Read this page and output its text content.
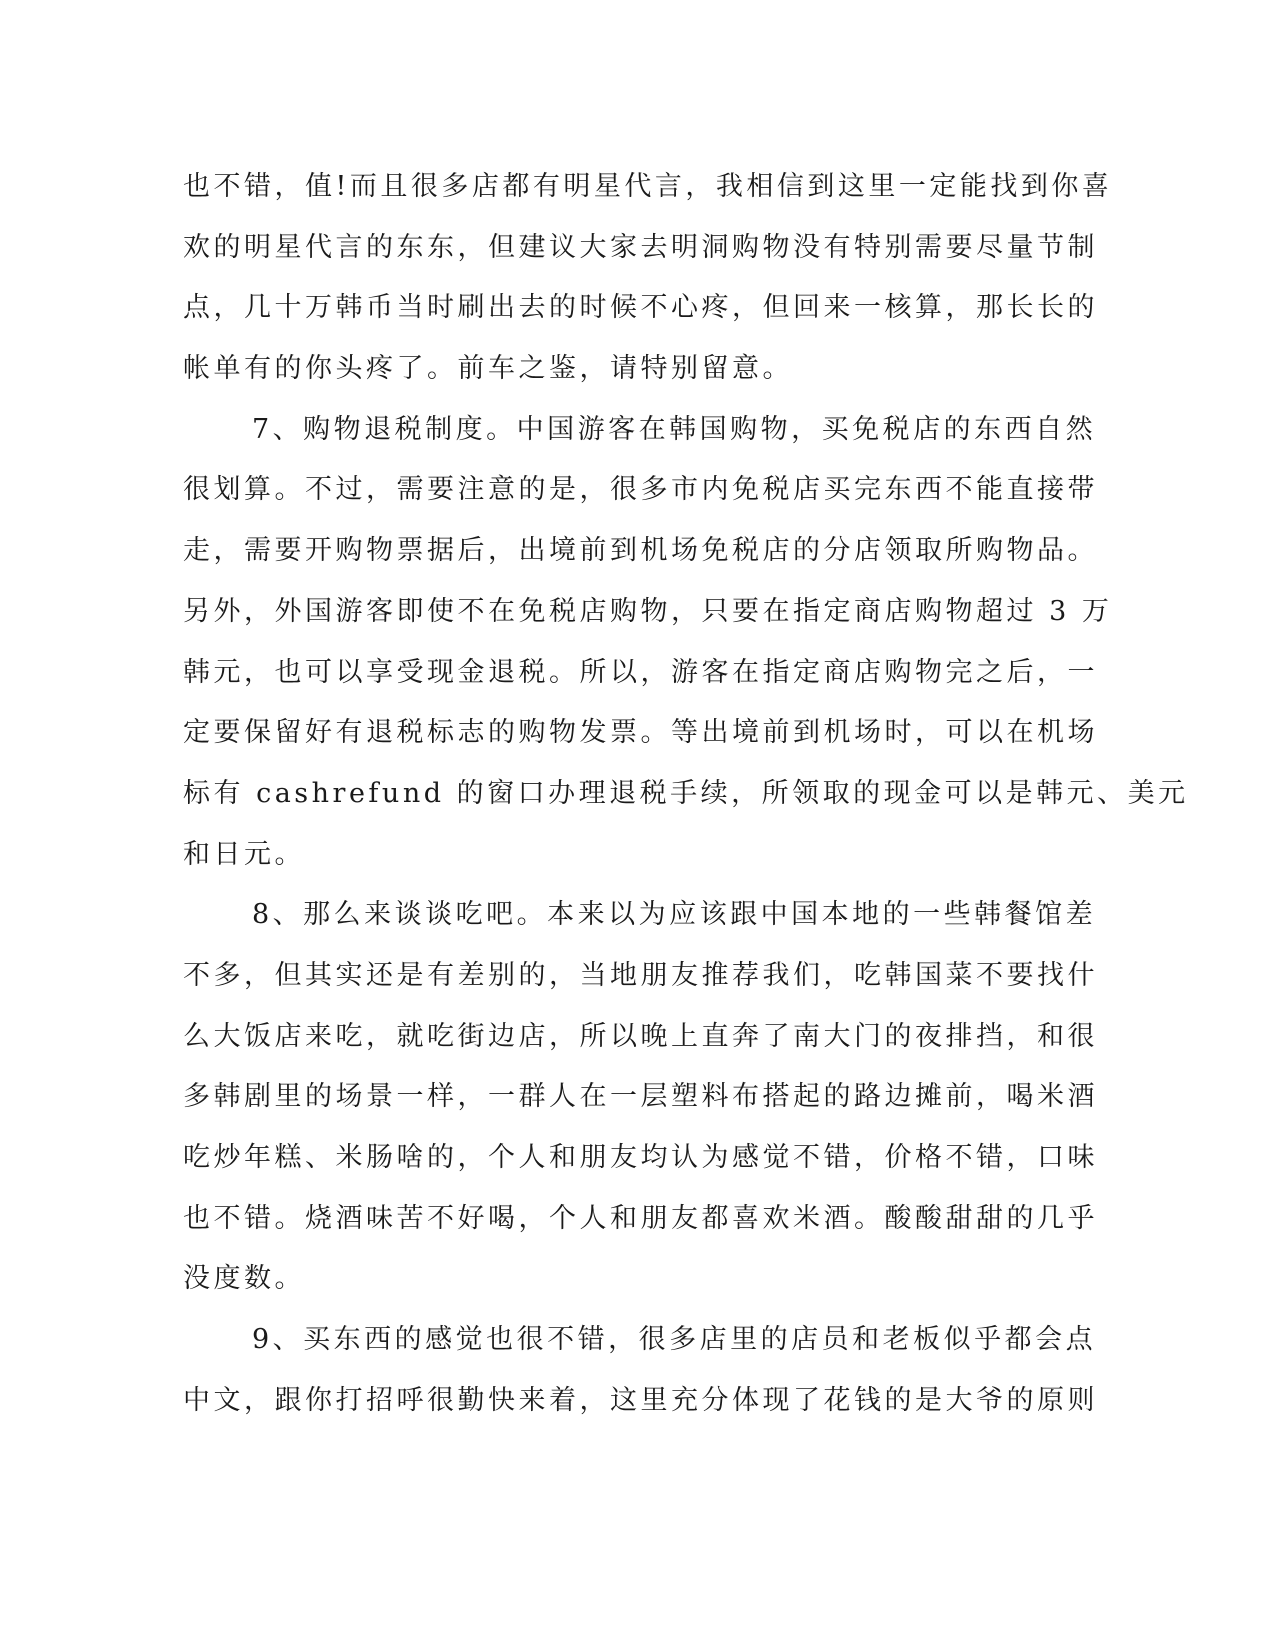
也不错，值!而且很多店都有明星代言，我相信到这里一定能找到你喜
欢的明星代言的东东，但建议大家去明洞购物没有特别需要尽量节制
点，几十万韩币当时刷出去的时候不心疼，但回来一核算，那长长的
帐单有的你头疼了。前车之鉴，请特别留意。
7、购物退税制度。中国游客在韩国购物，买免税店的东西自然
很划算。不过，需要注意的是，很多市内免税店买完东西不能直接带
走，需要开购物票据后，出境前到机场免税店的分店领取所购物品。
另外，外国游客即使不在免税店购物，只要在指定商店购物超过 3 万
韩元，也可以享受现金退税。所以，游客在指定商店购物完之后，一
定要保留好有退税标志的购物发票。等出境前到机场时，可以在机场
标有 cashrefund 的窗口办理退税手续，所领取的现金可以是韩元、美元
和日元。
8、那么来谈谈吃吧。本来以为应该跟中国本地的一些韩餐馆差
不多，但其实还是有差别的，当地朋友推荐我们，吃韩国菜不要找什
么大饭店来吃，就吃街边店，所以晚上直奔了南大门的夜排挡，和很
多韩剧里的场景一样，一群人在一层塑料布搭起的路边摊前，喝米酒
吃炒年糕、米肠啥的，个人和朋友均认为感觉不错，价格不错，口味
也不错。烧酒味苦不好喝，个人和朋友都喜欢米酒。酸酸甜甜的几乎
没度数。
9、买东西的感觉也很不错，很多店里的店员和老板似乎都会点
中文，跟你打招呼很勤快来着，这里充分体现了花钱的是大爷的原则
